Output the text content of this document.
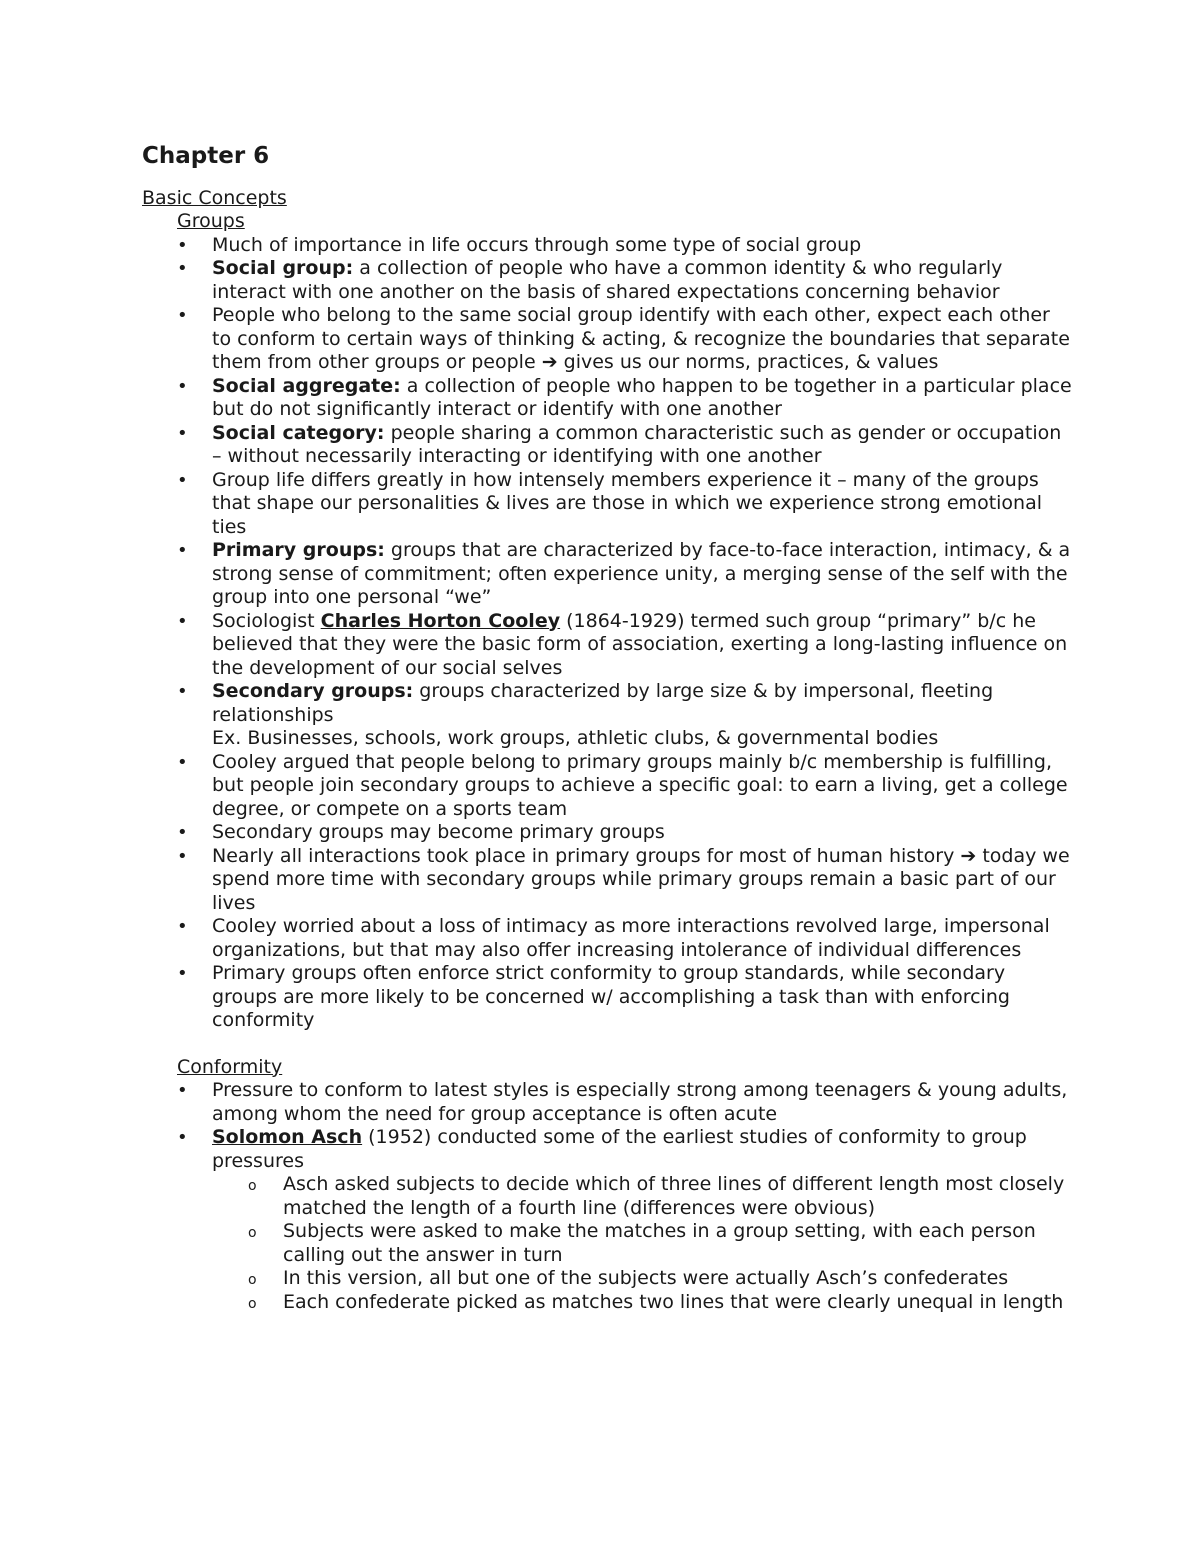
Chapter 6
Basic Concepts
Groups
•	Much of importance in life occurs through some type of social group
•	Social group: a collection of people who have a common identity & who regularly interact with one another on the basis of shared expectations concerning behavior
•	People who belong to the same social group identify with each other, expect each other to conform to certain ways of thinking & acting, & recognize the boundaries that separate them from other groups or people ➔ gives us our norms, practices, & values
•	Social aggregate: a collection of people who happen to be together in a particular place but do not significantly interact or identify with one another
•	Social category: people sharing a common characteristic such as gender or occupation – without necessarily interacting or identifying with one another
•	Group life differs greatly in how intensely members experience it – many of the groups that shape our personalities & lives are those in which we experience strong emotional ties
•	Primary groups: groups that are characterized by face-to-face interaction, intimacy, & a strong sense of commitment; often experience unity, a merging sense of the self with the group into one personal “we”
•	Sociologist Charles Horton Cooley (1864-1929) termed such group “primary” b/c he believed that they were the basic form of association, exerting a long-lasting influence on the development of our social selves
•	Secondary groups: groups characterized by large size & by impersonal, fleeting relationships
Ex. Businesses, schools, work groups, athletic clubs, & governmental bodies
•	Cooley argued that people belong to primary groups mainly b/c membership is fulfilling, but people join secondary groups to achieve a specific goal: to earn a living, get a college degree, or compete on a sports team
•	Secondary groups may become primary groups
•	Nearly all interactions took place in primary groups for most of human history ➔ today we spend more time with secondary groups while primary groups remain a basic part of our lives
•	Cooley worried about a loss of intimacy as more interactions revolved large, impersonal organizations, but that may also offer increasing intolerance of individual differences
•	Primary groups often enforce strict conformity to group standards, while secondary groups are more likely to be concerned w/ accomplishing a task than with enforcing conformity
Conformity
•	Pressure to conform to latest styles is especially strong among teenagers & young adults, among whom the need for group acceptance is often acute
•	Solomon Asch (1952) conducted some of the earliest studies of conformity to group pressures
o Asch asked subjects to decide which of three lines of different length most closely matched the length of a fourth line (differences were obvious)
o Subjects were asked to make the matches in a group setting, with each person calling out the answer in turn
o In this version, all but one of the subjects were actually Asch’s confederates
o Each confederate picked as matches two lines that were clearly unequal in length
